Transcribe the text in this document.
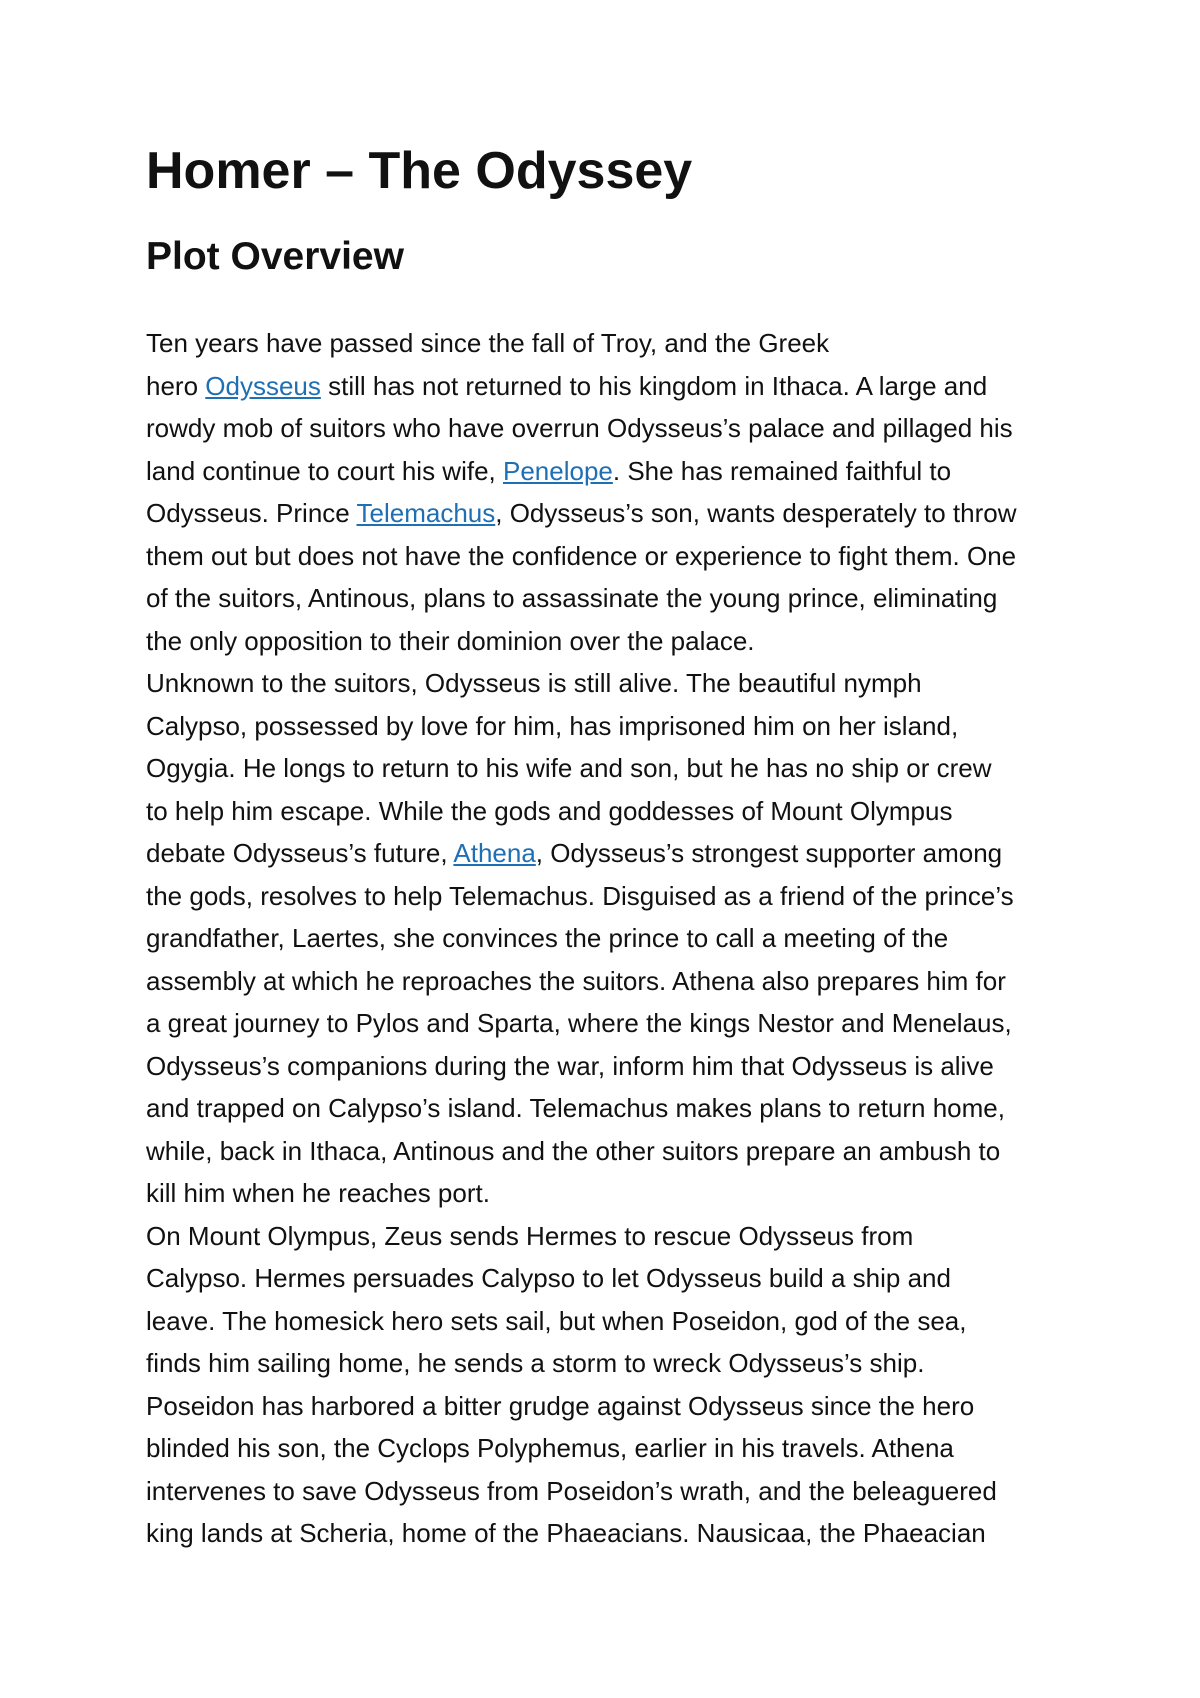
Homer – The Odyssey
Plot Overview

Ten years have passed since the fall of Troy, and the Greek
hero Odysseus still has not returned to his kingdom in Ithaca. A large and
rowdy mob of suitors who have overrun Odysseus’s palace and pillaged his
land continue to court his wife, Penelope. She has remained faithful to
Odysseus. Prince Telemachus, Odysseus’s son, wants desperately to throw
them out but does not have the confidence or experience to fight them. One
of the suitors, Antinous, plans to assassinate the young prince, eliminating
the only opposition to their dominion over the palace.

Unknown to the suitors, Odysseus is still alive. The beautiful nymph
Calypso, possessed by love for him, has imprisoned him on her island,
Ogygia. He longs to return to his wife and son, but he has no ship or crew
to help him escape. While the gods and goddesses of Mount Olympus
debate Odysseus’s future, Athena, Odysseus’s strongest supporter among
the gods, resolves to help Telemachus. Disguised as a friend of the prince’s
grandfather, Laertes, she convinces the prince to call a meeting of the
assembly at which he reproaches the suitors. Athena also prepares him for
a great journey to Pylos and Sparta, where the kings Nestor and Menelaus,
Odysseus’s companions during the war, inform him that Odysseus is alive
and trapped on Calypso’s island. Telemachus makes plans to return home,
while, back in Ithaca, Antinous and the other suitors prepare an ambush to
kill him when he reaches port.

On Mount Olympus, Zeus sends Hermes to rescue Odysseus from
Calypso. Hermes persuades Calypso to let Odysseus build a ship and
leave. The homesick hero sets sail, but when Poseidon, god of the sea,
finds him sailing home, he sends a storm to wreck Odysseus’s ship.
Poseidon has harbored a bitter grudge against Odysseus since the hero
blinded his son, the Cyclops Polyphemus, earlier in his travels. Athena
intervenes to save Odysseus from Poseidon’s wrath, and the beleaguered
king lands at Scheria, home of the Phaeacians. Nausicaa, the Phaeacian
